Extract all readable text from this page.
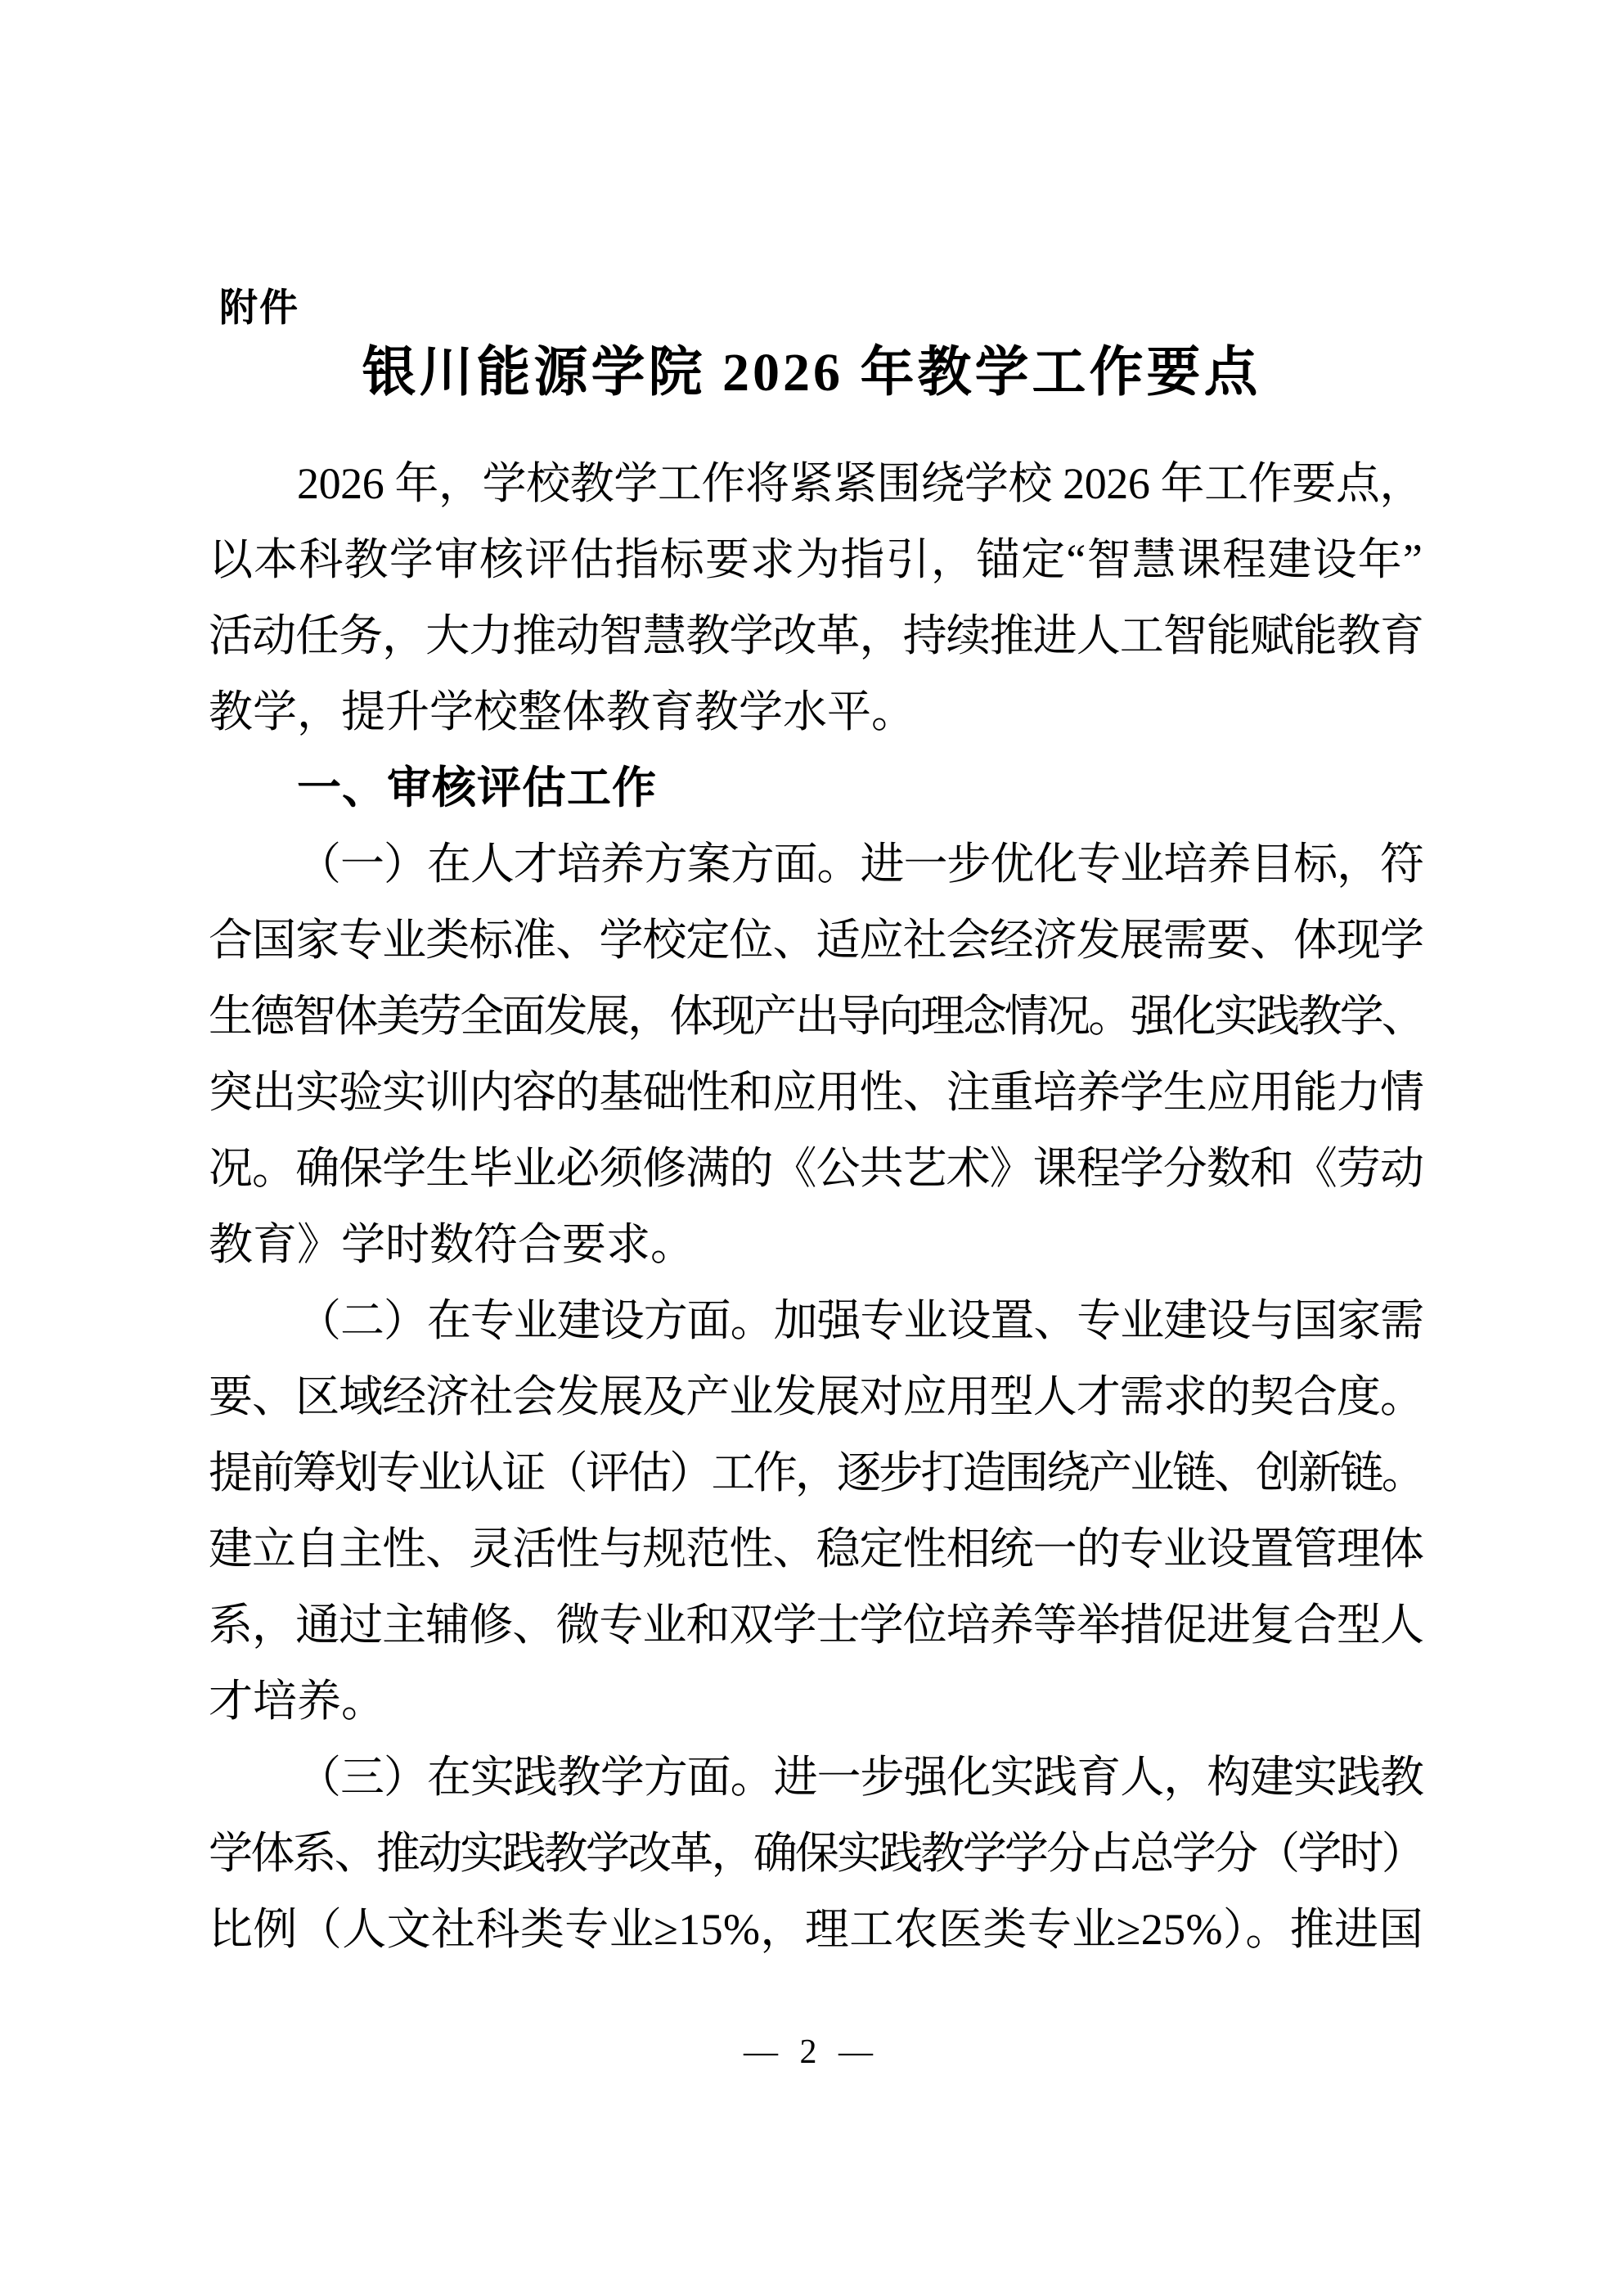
附件
银川能源学院 2026 年教学工作要点
2026 年，学校教学工作将紧紧围绕学校 2026 年工作要点，
以本科教学审核评估指标要求为指引，锚定“智慧课程建设年”
活动任务，大力推动智慧教学改革，持续推进人工智能赋能教育
教学，提升学校整体教育教学水平。
一、审核评估工作
（一）在人才培养方案方面。进一步优化专业培养目标，符
合国家专业类标准、学校定位、适应社会经济发展需要、体现学
生德智体美劳全面发展，体现产出导向理念情况。强化实践教学、
突出实验实训内容的基础性和应用性、注重培养学生应用能力情
况。确保学生毕业必须修满的《公共艺术》课程学分数和《劳动
教育》学时数符合要求。
（二）在专业建设方面。加强专业设置、专业建设与国家需
要、区域经济社会发展及产业发展对应用型人才需求的契合度。
提前筹划专业认证（评估）工作，逐步打造围绕产业链、创新链。
建立自主性、灵活性与规范性、稳定性相统一的专业设置管理体
系，通过主辅修、微专业和双学士学位培养等举措促进复合型人
才培养。
（三）在实践教学方面。进一步强化实践育人，构建实践教
学体系、推动实践教学改革，确保实践教学学分占总学分（学时）
比例（人文社科类专业≥15%，理工农医类专业≥25%）。推进国
— 2 —
